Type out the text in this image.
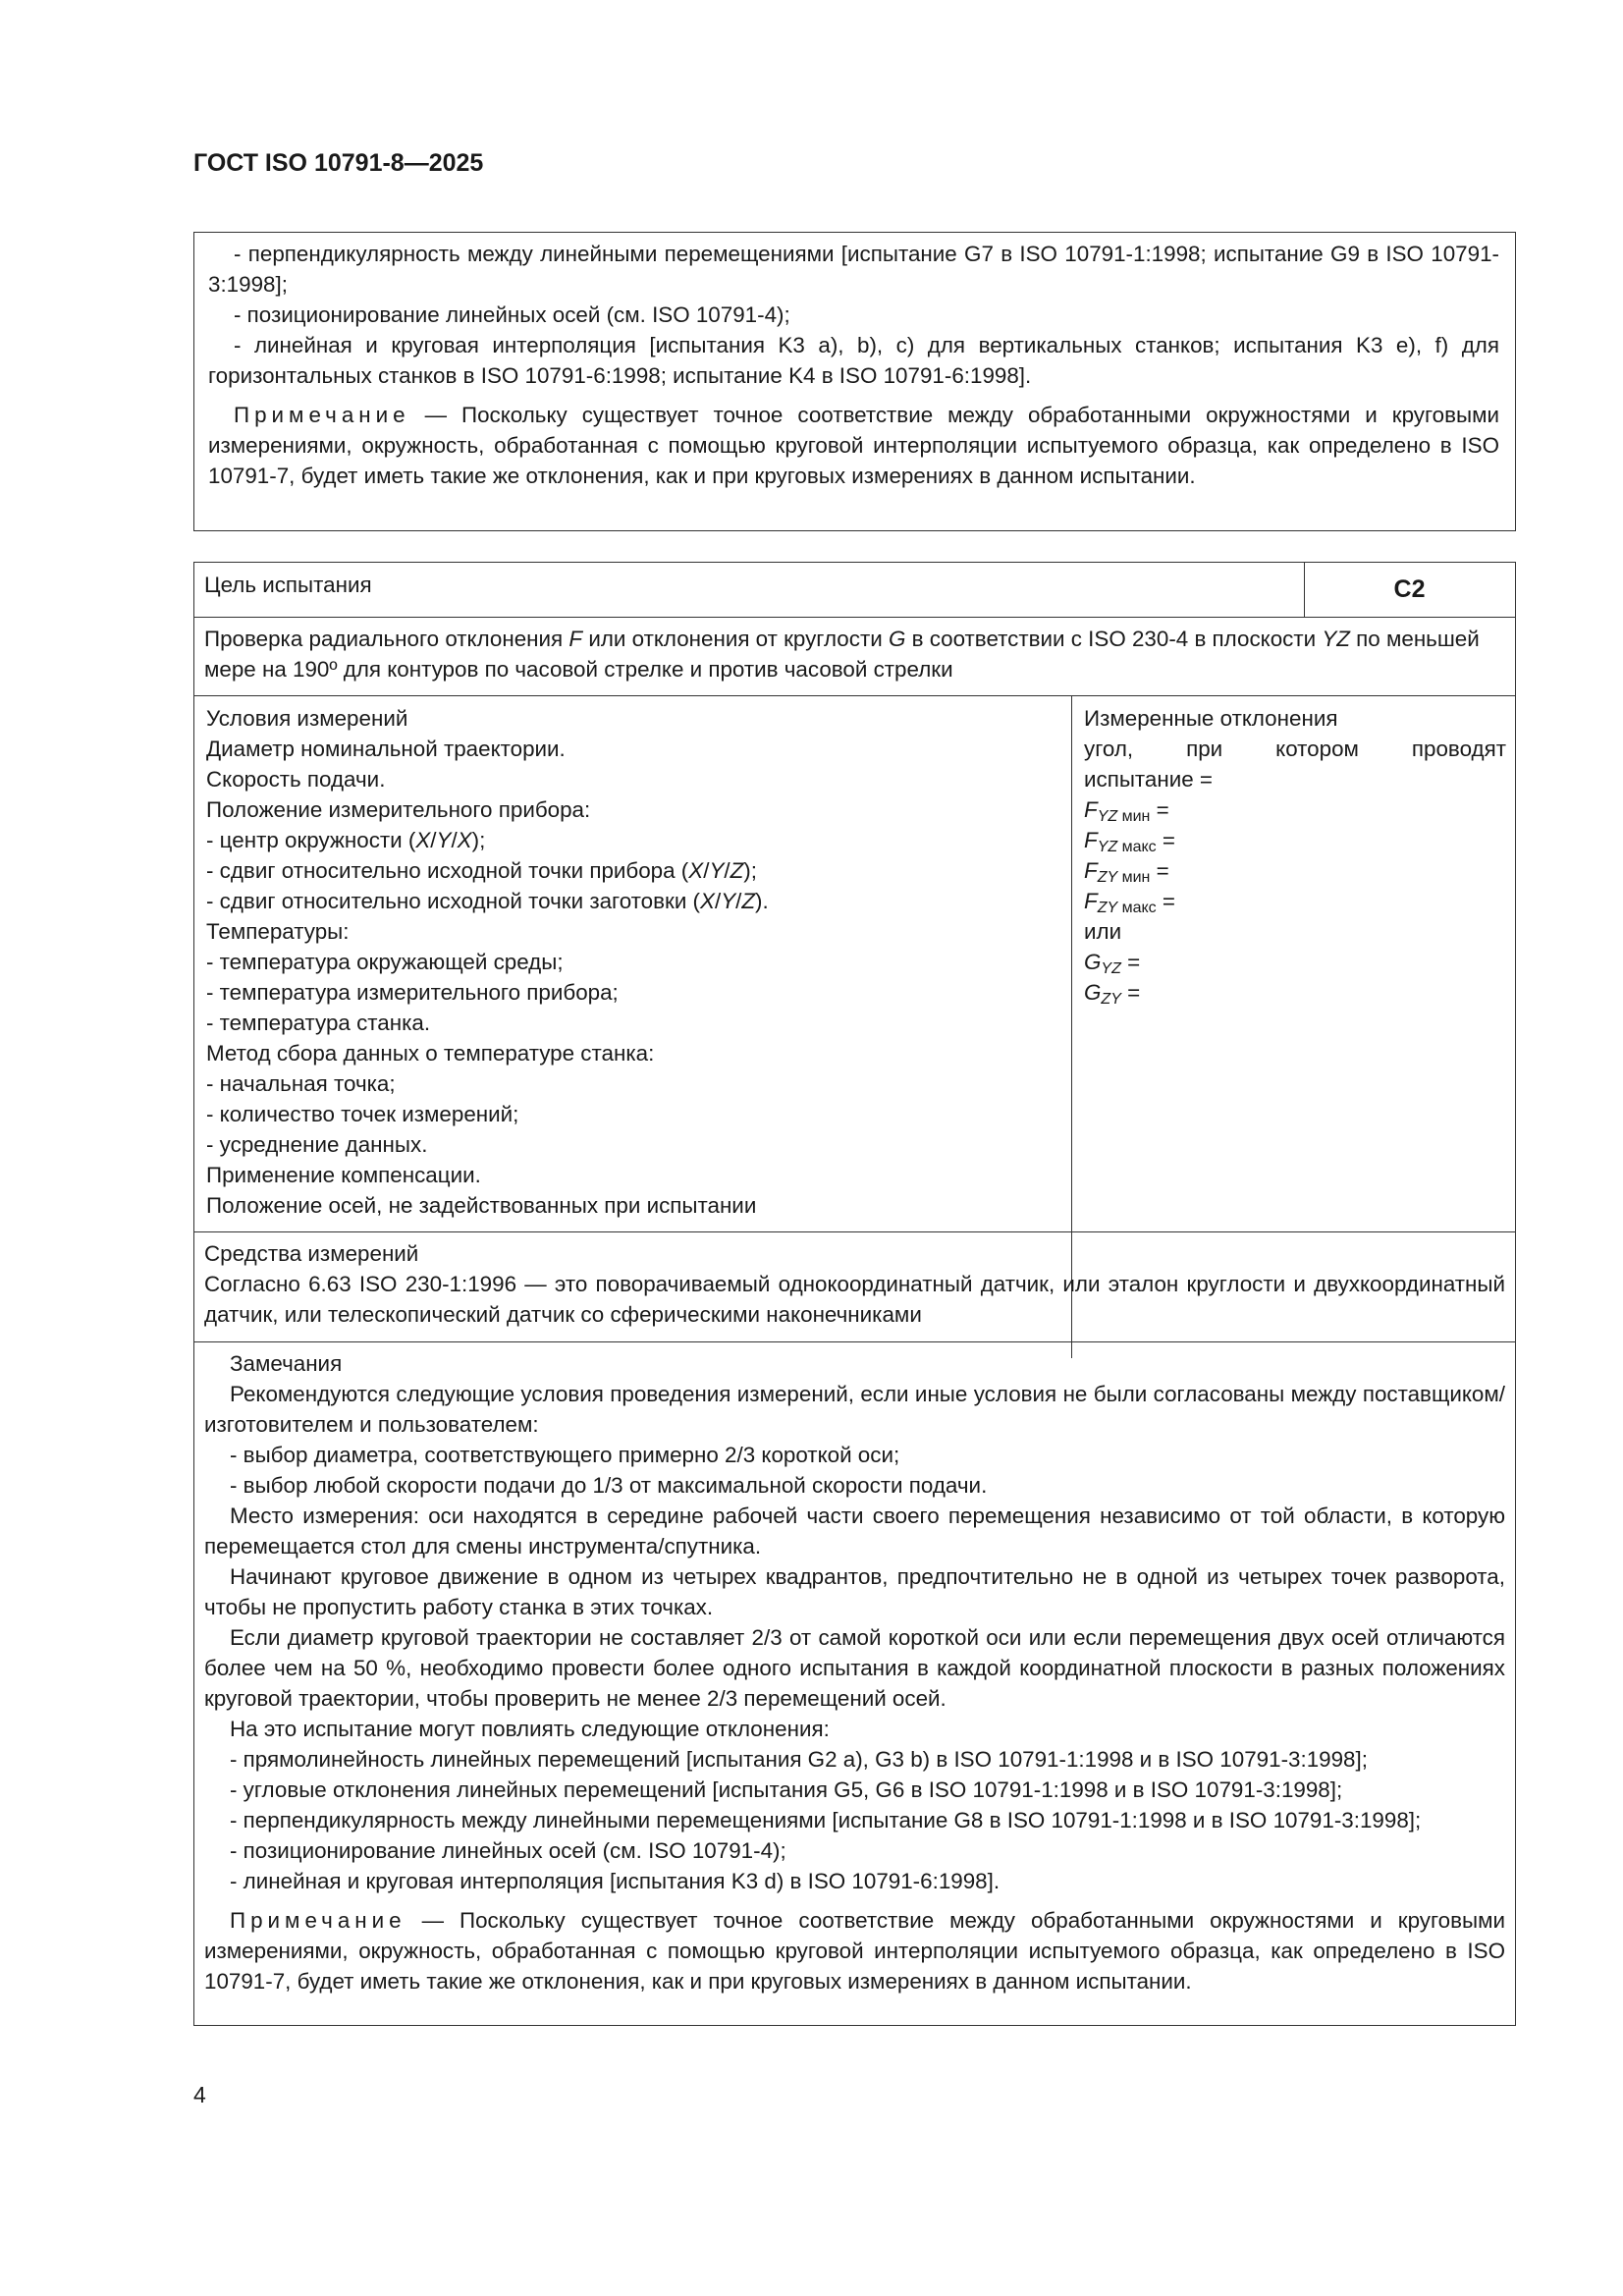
ГОСТ ISO 10791-8—2025

- перпендикулярность между линейными перемещениями [испытание G7 в ISO 10791-1:1998; испытание G9 в ISO 10791-3:1998];

- позиционирование линейных осей (см. ISO 10791-4);

- линейная и круговая интерполяция [испытания K3 a), b), c) для вертикальных станков; испытания K3 e), f) для горизонтальных станков в ISO 10791-6:1998; испытание K4 в ISO 10791-6:1998].

Примечание — Поскольку существует точное соответствие между обработанными окружностями и круговыми измерениями, окружность, обработанная с помощью круговой интерполяции испытуемого образца, как определено в ISO 10791-7, будет иметь такие же отклонения, как и при круговых измерениях в данном испытании.

Цель испытания	C2

Проверка радиального отклонения F или отклонения от круглости G в соответствии с ISO 230-4 в плоскости YZ по меньшей мере на 190º для контуров по часовой стрелке и против часовой стрелки

Условия измерений
Диаметр номинальной траектории.
Скорость подачи.
Положение измерительного прибора:
- центр окружности (X/Y/X);
- сдвиг относительно исходной точки прибора (X/Y/Z);
- сдвиг относительно исходной точки заготовки (X/Y/Z).
Температуры:
- температура окружающей среды;
- температура измерительного прибора;
- температура станка.
Метод сбора данных о температуре станка:
- начальная точка;
- количество точек измерений;
- усреднение данных.
Применение компенсации.
Положение осей, не задействованных при испытании
Измеренные отклонения
угол, при котором проводят
испытание =
$F_{YZ мин}$ =
$F_{YZ макс}$ =
$F_{ZY мин}$ =
$F_{ZY макс}$ =
или
$G_{YZ}$ =
$G_{ZY}$ =

Средства измерений

Согласно 6.63 ISO 230-1:1996 — это поворачиваемый однокоординатный датчик, или эталон круглости и двухкоординатный датчик, или телескопический датчик со сферическими наконечниками

Замечания

Рекомендуются следующие условия проведения измерений, если иные условия не были согласованы между поставщиком/изготовителем и пользователем:

- выбор диаметра, соответствующего примерно 2/3 короткой оси;

- выбор любой скорости подачи до 1/3 от максимальной скорости подачи.

Место измерения: оси находятся в середине рабочей части своего перемещения независимо от той области, в которую перемещается стол для смены инструмента/спутника.

Начинают круговое движение в одном из четырех квадрантов, предпочтительно не в одной из четырех точек разворота, чтобы не пропустить работу станка в этих точках.

Если диаметр круговой траектории не составляет 2/3 от самой короткой оси или если перемещения двух осей отличаются более чем на 50 %, необходимо провести более одного испытания в каждой координатной плоскости в разных положениях круговой траектории, чтобы проверить не менее 2/3 перемещений осей.

На это испытание могут повлиять следующие отклонения:

- прямолинейность линейных перемещений [испытания G2 a), G3 b) в ISO 10791-1:1998 и в ISO 10791-3:1998];

- угловые отклонения линейных перемещений [испытания G5, G6 в ISO 10791-1:1998 и в ISO 10791-3:1998];

- перпендикулярность между линейными перемещениями [испытание G8 в ISO 10791-1:1998 и в ISO 10791-3:1998];

- позиционирование линейных осей (см. ISO 10791-4);

- линейная и круговая интерполяция [испытания K3 d) в ISO 10791-6:1998].

Примечание — Поскольку существует точное соответствие между обработанными окружностями и круговыми измерениями, окружность, обработанная с помощью круговой интерполяции испытуемого образца, как определено в ISO 10791-7, будет иметь такие же отклонения, как и при круговых измерениях в данном испытании.

4
